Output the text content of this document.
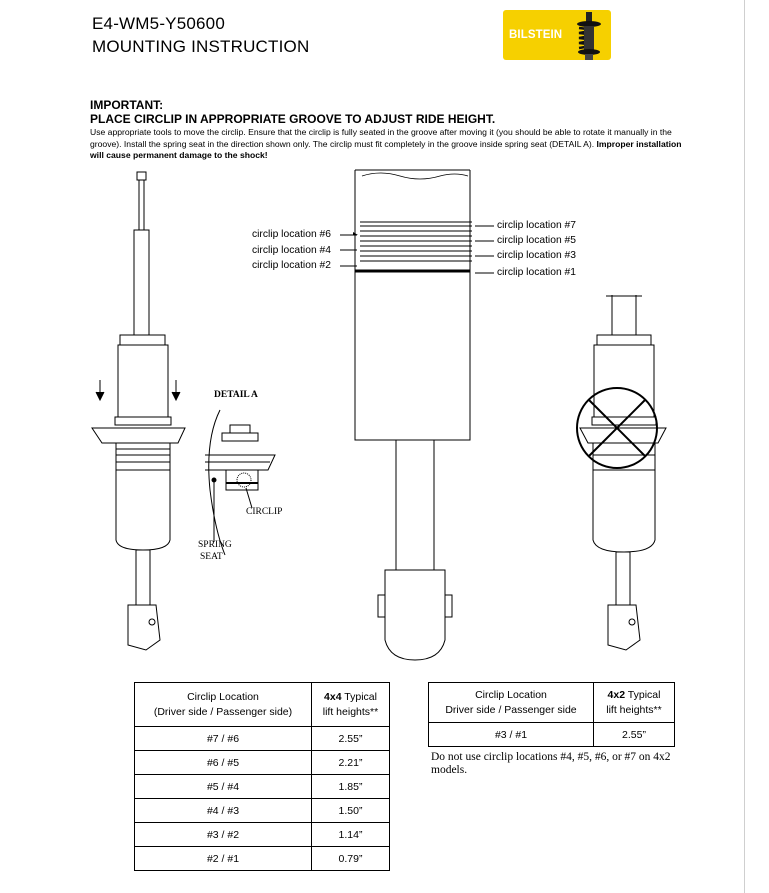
E4-WM5-Y50600
MOUNTING INSTRUCTION
BILSTEIN
IMPORTANT:
PLACE CIRCLIP IN APPROPRIATE GROOVE TO ADJUST RIDE HEIGHT.
Use appropriate tools to move the circlip. Ensure that the circlip is fully seated in the groove after moving it (you should be able to rotate it manually in the groove). Install the spring seat in the direction shown only. The circlip must fit completely in the groove inside spring seat (DETAIL A). Improper installation will cause permanent damage to the shock!
circlip location #6
circlip location #4
circlip location #2
circlip location #7
circlip location #5
circlip location #3
circlip location #1
DETAIL A
CIRCLIP
SPRING
SEAT
Circlip Location
(Driver side / Passenger side)	4x4 Typical
lift heights**
#7 / #6	2.55”
#6 / #5	2.21”
#5 / #4	1.85”
#4 / #3	1.50”
#3 / #2	1.14”
#2 / #1	0.79”
Circlip Location
Driver side / Passenger side	4x2 Typical
lift heights**
#3 / #1	2.55”
Do not use circlip locations #4, #5, #6, or #7 on 4x2 models.
